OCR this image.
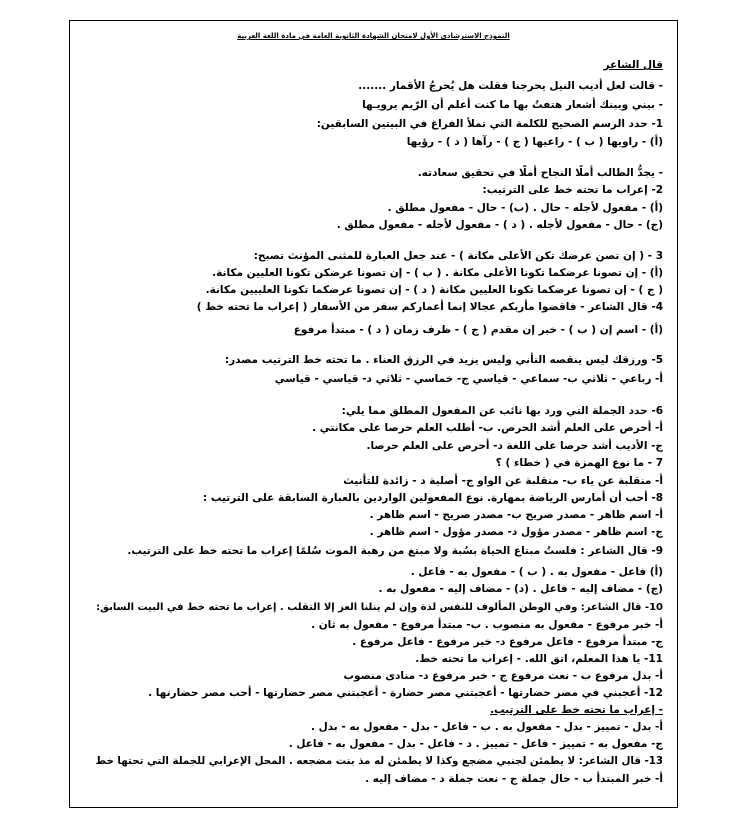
النموذج الاسترشادى الأول لامتحان الشهادة الثانوية العامة في مادة اللغة العربية
قال الشاعر
- قالت لعل أديب النيل يحرجنا فقلت هل يُحرجُ الأقمار .......
- بيني وبينك أشعار هتفتُ بها ما كنت أعلم أن الرّيم يرويـها
1- حدد الرسم الصحيح للكلمة التي تملأ الفراغ في البيتين السابقين:
(أ) - راويها ( ب ) - راعيها ( ج ) - رآها ( د ) - رؤيها
- يجدُّ الطالب أملًا النجاح أملًا في تحقيق سعادته.
2- إعراب ما تحته خط على الترتيب:
(أ) - مفعول لأجله - حال . (ب) - حال - مفعول مطلق .
(ج) - حال - مفعول لأجله . ( د ) - مفعول لأجله - مفعول مطلق .
3 - ( إن تصن عرضك تكن الأعلى مكانة ) - عند جعل العبارة للمثنى المؤنث تصبح:
(أ) - إن تصونا عرضكما تكونا الأعلى مكانة . ( ب ) - إن تصونا عرضكن تكونا العليين مكانة.
( ج ) - إن تصونا عرضكما تكونا العليين مكانة ( د ) - إن تصونا عرضكما تكونا العلييين مكانة.
4- قال الشاعر - فاقضوا مأربكم عجالا إنما أعماركم سفر من الأسفار ( إعراب ما تحته خط )
(أ) - اسم إن ( ب ) - خبر إن مقدم ( ج ) - ظرف زمان ( د ) - مبتدأ مرفوع
5- ورزقك ليس ينقصه التأني وليس يزيد في الرزق العناء . ما تحته خط الترتيب مصدر:
أ- رباعي - ثلاثي ب- سماعي - قياسي ج- خماسي - ثلاثي د- قياسي - قياسي
6- حدد الجملة التي ورد بها نائب عن المفعول المطلق مما يلي:
أ- أحرص على العلم أشد الحرص. ب- أطلب العلم حرصا على مكانتي .
ج- الأديب أشد حرصا على اللغة د- أحرص على العلم حرصا.
7 - ما نوع الهمزة في ( خطاء ) ؟
أ- منقلبة عن ياء ب- منقلبة عن الواو ج- أصلية د - زائدة للتأنيث
8- أحب أن أمارس الرياضة بمهارة. نوع المفعولين الواردين بالعبارة السابقة على الترتيب :
أ- اسم ظاهر - مصدر صريح ب- مصدر صريح - اسم ظاهر .
ج- اسم ظاهر - مصدر مؤول د- مصدر مؤول - اسم ظاهر .
9- قال الشاعر : فلستُ مبتاع الحياة بسُبة ولا مبتغ من رهبة الموت سُلمًا إعراب ما تحته خط على الترتيب.
(أ) فاعل - مفعول به . ( ب ) - مفعول به - فاعل .
(ج) - مضاف إليه - فاعل . (د) - مضاف إليه - مفعول به .
10- قال الشاعر: وفي الوطن المألوف للنفس لذة وإن لم ينلنا العز إلا التقلب . إعراب ما تحته خط في البيت السابق:
أ- خبر مرفوع - مفعول به منصوب . ب- مبتدأ مرفوع - مفعول به ثان .
ج- مبتدأ مرفوع - فاعل مرفوع د- خبر مرفوع - فاعل مرفوع .
11- يا هذا المعلم، اتق الله. - إعراب ما تحته خط.
أ- بدل مرفوع ب - نعت مرفوع ج - خبر مرفوع د- منادى منصوب
12- أعجبني في مصر حضارتها - أعجبتني مصر حضارة - أعجبتني مصر حضارتها - أحب مصر حضارتها .
- إعراب ما تحته خط على الترتيب.
أ- بدل - تمييز - بدل - مفعول به . ب - فاعل - بدل - مفعول به - بدل .
ج- مفعول به - تمييز - فاعل - تمييز . د - فاعل - بدل - مفعول به - فاعل .
13- قال الشاعر: لا يطمئن لجنبي مضجع وكذا لا يطمئن له مذ بنت مضجعه . المحل الإعرابي للجملة التي تحتها خط
أ- خبر المبتدأ ب - حال جملة ج - نعت جملة د - مضاف إليه .
